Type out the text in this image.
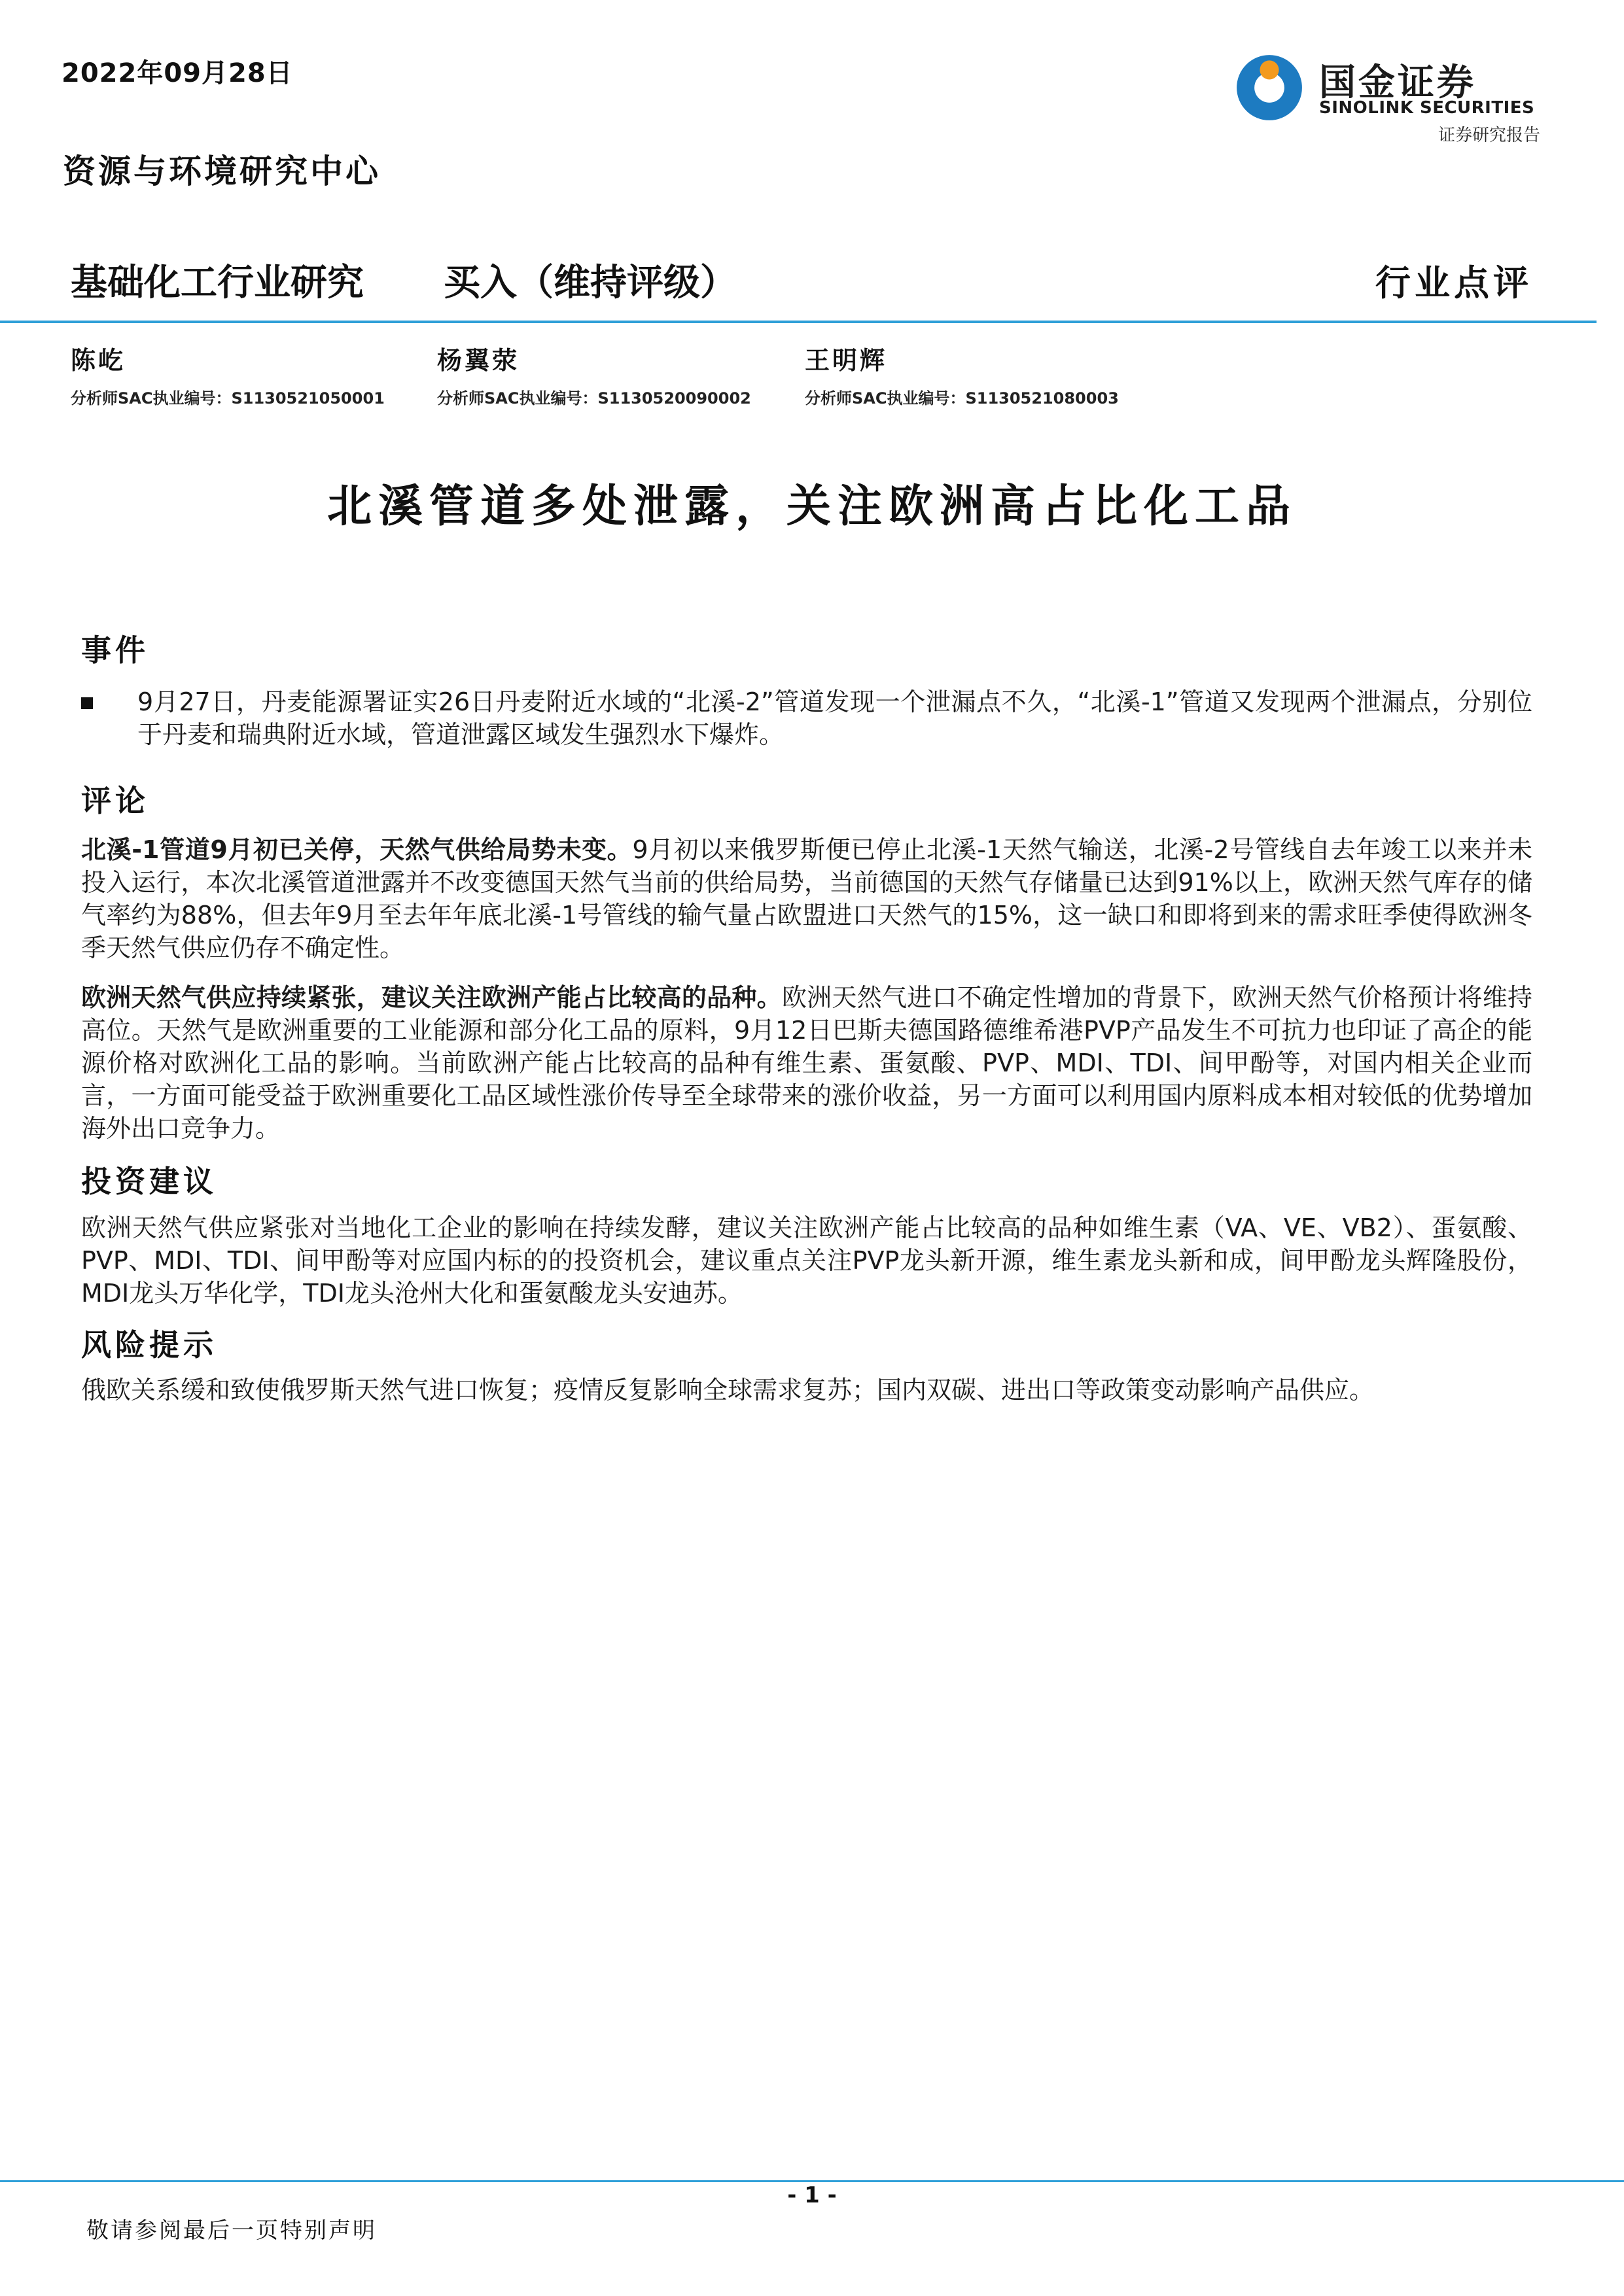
2022年09月28日	国金证券
SINOLINK SECURITIES
证券研究报告
资源与环境研究中心
基础化工行业研究 买入（维持评级）	行业点评
陈屹
分析师SAC执业编号：S1130521050001
杨翼荥
分析师SAC执业编号：S1130520090002
王明辉
分析师SAC执业编号：S1130521080003
北溪管道多处泄露，关注欧洲高占比化工品
事件
9月27日，丹麦能源署证实26日丹麦附近水域的“北溪-2”管道发现一个泄漏点不久，“北溪-1”管道又发现两个泄漏点，分别位于丹麦和瑞典附近水域，管道泄露区域发生强烈水下爆炸。
评论
北溪-1管道9月初已关停，天然气供给局势未变。9月初以来俄罗斯便已停止北溪-1天然气输送，北溪-2号管线自去年竣工以来并未投入运行，本次北溪管道泄露并不改变德国天然气当前的供给局势，当前德国的天然气存储量已达到91%以上，欧洲天然气库存的储气率约为88%，但去年9月至去年年底北溪-1号管线的输气量占欧盟进口天然气的15%，这一缺口和即将到来的需求旺季使得欧洲冬季天然气供应仍存不确定性。
欧洲天然气供应持续紧张，建议关注欧洲产能占比较高的品种。欧洲天然气进口不确定性增加的背景下，欧洲天然气价格预计将维持高位。天然气是欧洲重要的工业能源和部分化工品的原料，9月12日巴斯夫德国路德维希港PVP产品发生不可抗力也印证了高企的能源价格对欧洲化工品的影响。当前欧洲产能占比较高的品种有维生素、蛋氨酸、PVP、MDI、TDI、间甲酚等，对国内相关企业而言，一方面可能受益于欧洲重要化工品区域性涨价传导至全球带来的涨价收益，另一方面可以利用国内原料成本相对较低的优势增加海外出口竞争力。
投资建议
欧洲天然气供应紧张对当地化工企业的影响在持续发酵，建议关注欧洲产能占比较高的品种如维生素（VA、VE、VB2）、蛋氨酸、PVP、MDI、TDI、间甲酚等对应国内标的的投资机会，建议重点关注PVP龙头新开源，维生素龙头新和成，间甲酚龙头辉隆股份，MDI龙头万华化学，TDI龙头沧州大化和蛋氨酸龙头安迪苏。
风险提示
俄欧关系缓和致使俄罗斯天然气进口恢复；疫情反复影响全球需求复苏；国内双碳、进出口等政策变动影响产品供应。
- 1 -
敬请参阅最后一页特别声明
